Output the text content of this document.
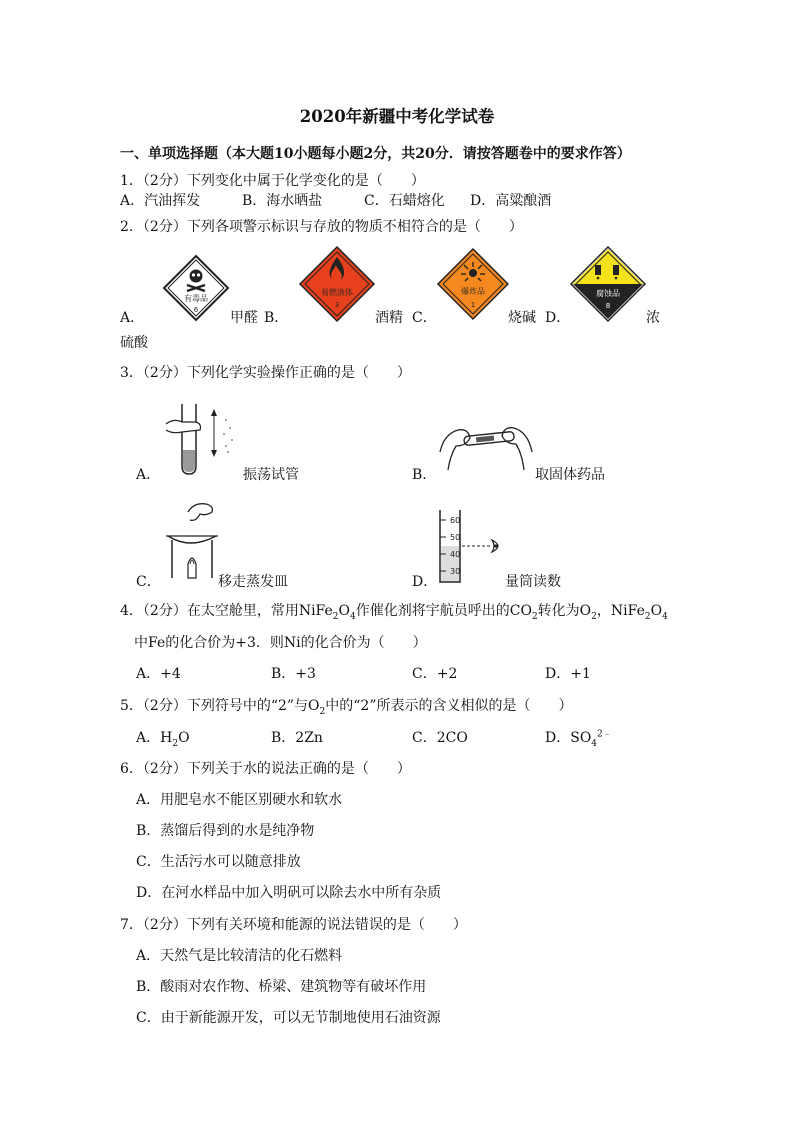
2020年新疆中考化学试卷
一、单项选择题（本大题10小题每小题2分，共20分．请按答题卷中的要求作答）
1．（2分）下列变化中属于化学变化的是（　　）
A．汽油挥发	B．海水晒盐	C．石蜡熔化 D．高粱酿酒
2．（2分）下列各项警示标识与存放的物质不相符合的是（　　）
有毒品
6
易燃液体
3
爆炸品
1
腐蚀品
8
A．	甲醛 B．	酒精 C．	烧碱 D．	浓
硫酸
3．（2分）下列化学实验操作正确的是（　　）
A．	振荡试管	B．	取固体药品
C．	移走蒸发皿
60
50
40
30
D．	量筒读数
4．（2分）在太空舱里，常用$NiFe_2O_4$作催化剂将宇航员呼出的$CO_2$转化为$O_2$，$NiFe_2O_4$
中Fe的化合价为+3．则Ni的化合价为（　　）
A．+4	B．+3	C．+2	D．+1
5．（2分）下列符号中的“2”与$O_2$中的“2”所表示的含义相似的是（　　）
A．$H_2O$	B．2Zn	C．2CO	D．$SO_4^{2﹣}$
6．（2分）下列关于水的说法正确的是（　　）
A．用肥皂水不能区别硬水和软水
B．蒸馏后得到的水是纯净物
C．生活污水可以随意排放
D．在河水样品中加入明矾可以除去水中所有杂质
7．（2分）下列有关环境和能源的说法错误的是（　　）
A．天然气是比较清洁的化石燃料
B．酸雨对农作物、桥梁、建筑物等有破坏作用
C．由于新能源开发，可以无节制地使用石油资源
